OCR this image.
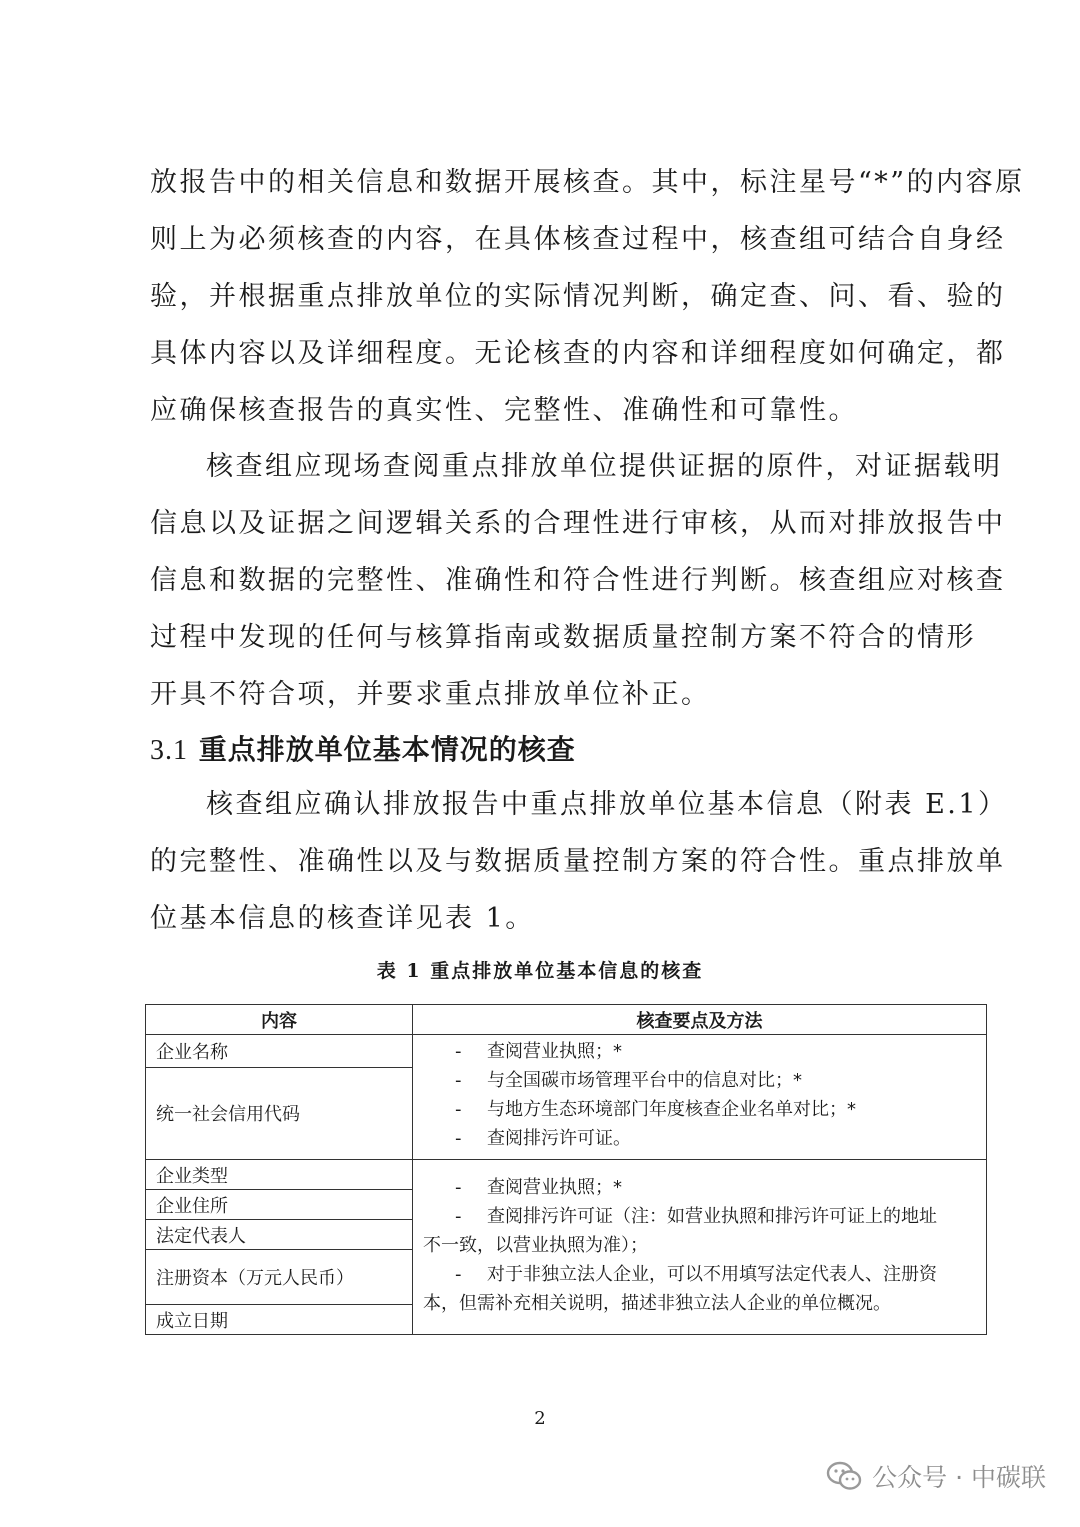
放报告中的相关信息和数据开展核查。其中，标注星号“*”的内容原
则上为必须核查的内容，在具体核查过程中，核查组可结合自身经
验，并根据重点排放单位的实际情况判断，确定查、问、看、验的
具体内容以及详细程度。无论核查的内容和详细程度如何确定，都
应确保核查报告的真实性、完整性、准确性和可靠性。
核查组应现场查阅重点排放单位提供证据的原件，对证据载明
信息以及证据之间逻辑关系的合理性进行审核，从而对排放报告中
信息和数据的完整性、准确性和符合性进行判断。核查组应对核查
过程中发现的任何与核算指南或数据质量控制方案不符合的情形
开具不符合项，并要求重点排放单位补正。
3.1 重点排放单位基本情况的核查
核查组应确认排放报告中重点排放单位基本信息（附表 E.1）
的完整性、准确性以及与数据质量控制方案的符合性。重点排放单
位基本信息的核查详见表 1。
表 1 重点排放单位基本信息的核查
内容	核查要点及方法
企业名称	- 查阅营业执照；*
- 与全国碳市场管理平台中的信息对比；*
- 与地方生态环境部门年度核查企业名单对比；*
- 查阅排污许可证。

统一社会信用代码	
企业类型	- 查阅营业执照；*
- 查阅排污许可证（注：如营业执照和排污许可证上的地址
不一致，以营业执照为准）；
- 对于非独立法人企业，可以不用填写法定代表人、注册资
本，但需补充相关说明，描述非独立法人企业的单位概况。

企业住所	
法定代表人	
注册资本（万元人民币）	
成立日期	
2
公众号 · 中碳联
